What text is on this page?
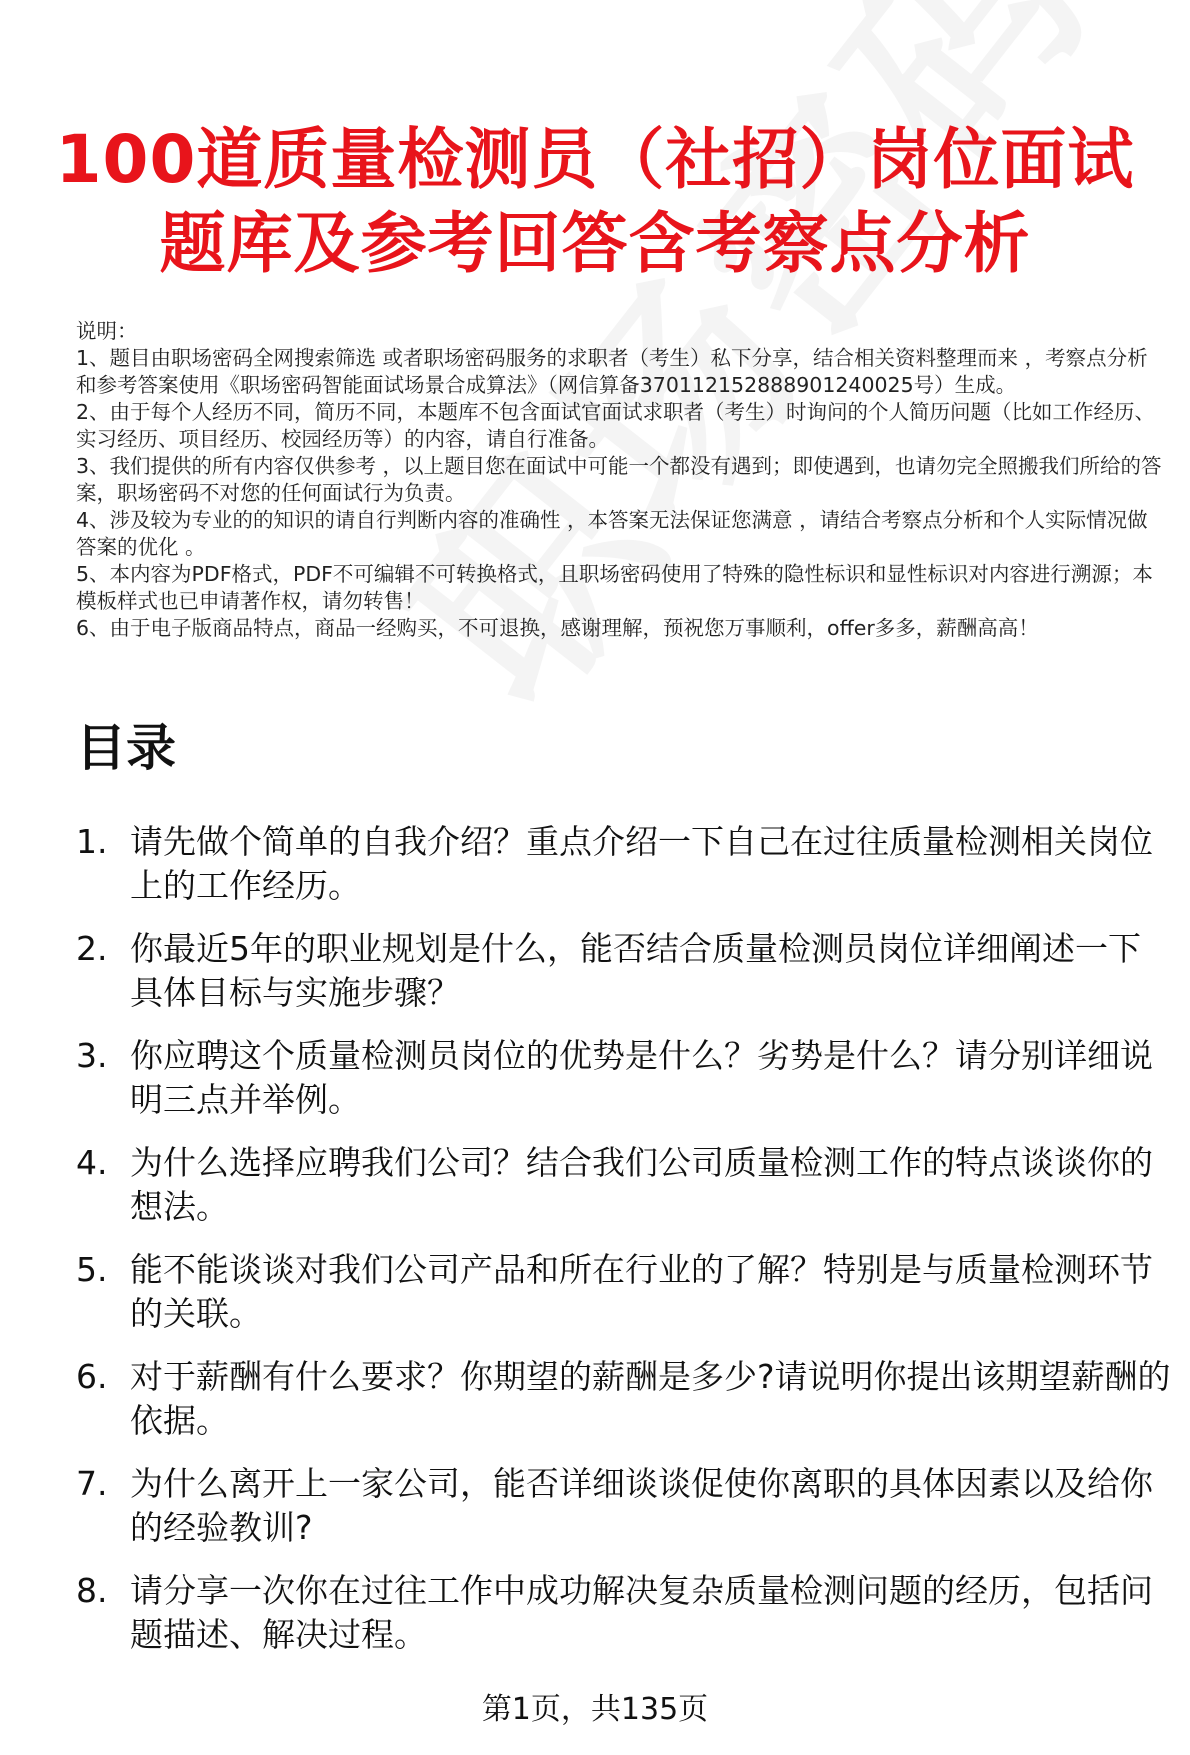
100道质量检测员（社招）岗位面试
题库及参考回答含考察点分析

说明：

1、题目由职场密码全网搜索筛选 或者职场密码服务的求职者（考生）私下分享，结合相关资料整理而来 ，考察点分析和参考答案使用《职场密码智能面试场景合成算法》（网信算备370112152888901240025号）生成。

2、由于每个人经历不同，简历不同，本题库不包含面试官面试求职者（考生）时询问的个人简历问题（比如工作经历、实习经历、项目经历、校园经历等）的内容，请自行准备。

3、我们提供的所有内容仅供参考 ，以上题目您在面试中可能一个都没有遇到；即使遇到，也请勿完全照搬我们所给的答案，职场密码不对您的任何面试行为负责。

4、涉及较为专业的的知识的请自行判断内容的准确性 ，本答案无法保证您满意 ，请结合考察点分析和个人实际情况做答案的优化 。

5、本内容为PDF格式，PDF不可编辑不可转换格式，且职场密码使用了特殊的隐性标识和显性标识对内容进行溯源；本模板样式也已申请著作权，请勿转售！

6、由于电子版商品特点，商品一经购买，不可退换，感谢理解，预祝您万事顺利，offer多多，薪酬高高！

目录
1. 请先做个简单的自我介绍？重点介绍一下自己在过往质量检测相关岗位上的工作经历。
2. 你最近5年的职业规划是什么，能否结合质量检测员岗位详细阐述一下具体目标与实施步骤？
3. 你应聘这个质量检测员岗位的优势是什么？劣势是什么？请分别详细说明三点并举例。
4. 为什么选择应聘我们公司？结合我们公司质量检测工作的特点谈谈你的想法。
5. 能不能谈谈对我们公司产品和所在行业的了解？特别是与质量检测环节的关联。
6. 对于薪酬有什么要求？你期望的薪酬是多少?请说明你提出该期望薪酬的依据。
7. 为什么离开上一家公司，能否详细谈谈促使你离职的具体因素以及给你的经验教训?
8. 请分享一次你在过往工作中成功解决复杂质量检测问题的经历，包括问题描述、解决过程。
第1页，共135页
